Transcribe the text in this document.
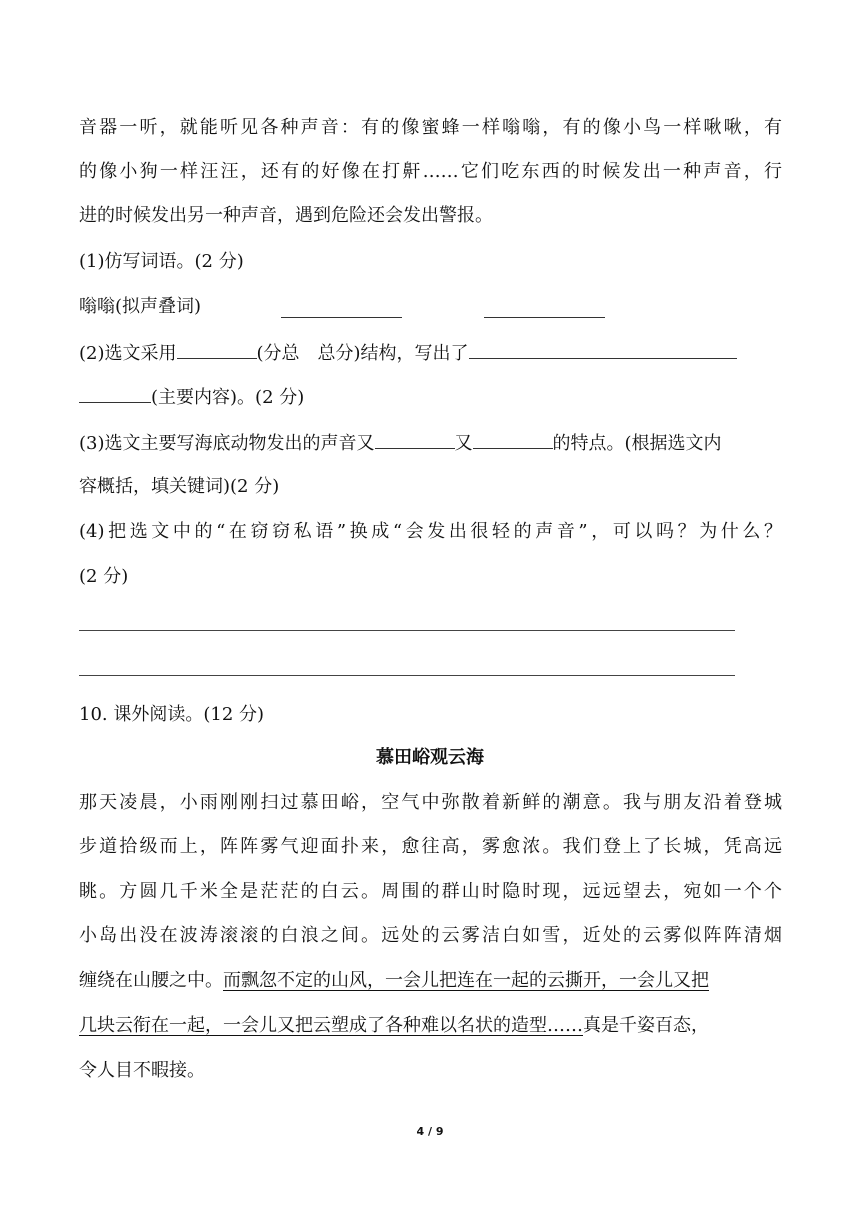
音器一听，就能听见各种声音：有的像蜜蜂一样嗡嗡，有的像小鸟一样啾啾，有
的像小狗一样汪汪，还有的好像在打鼾……它们吃东西的时候发出一种声音，行
进的时候发出另一种声音，遇到危险还会发出警报。
(1)仿写词语。(2 分)
嗡嗡(拟声叠词)
(2)选文采用	(分总　总分)结构，写出了
(主要内容)。(2 分)
(3)选文主要写海底动物发出的声音又	又	的特点。(根据选文内
容概括，填关键词)(2 分)
(4)把选文中的“在窃窃私语”换成“会发出很轻的声音”，可以吗？为什么？
(2 分)
10. 课外阅读。(12 分)
慕田峪观云海
那天凌晨，小雨刚刚扫过慕田峪，空气中弥散着新鲜的潮意。我与朋友沿着登城
步道拾级而上，阵阵雾气迎面扑来，愈往高，雾愈浓。我们登上了长城，凭高远
眺。方圆几千米全是茫茫的白云。周围的群山时隐时现，远远望去，宛如一个个
小岛出没在波涛滚滚的白浪之间。远处的云雾洁白如雪，近处的云雾似阵阵清烟
缠绕在山腰之中。而飘忽不定的山风，一会儿把连在一起的云撕开，一会儿又把
几块云衔在一起，一会儿又把云塑成了各种难以名状的造型……真是千姿百态，
令人目不暇接。
4 / 9
